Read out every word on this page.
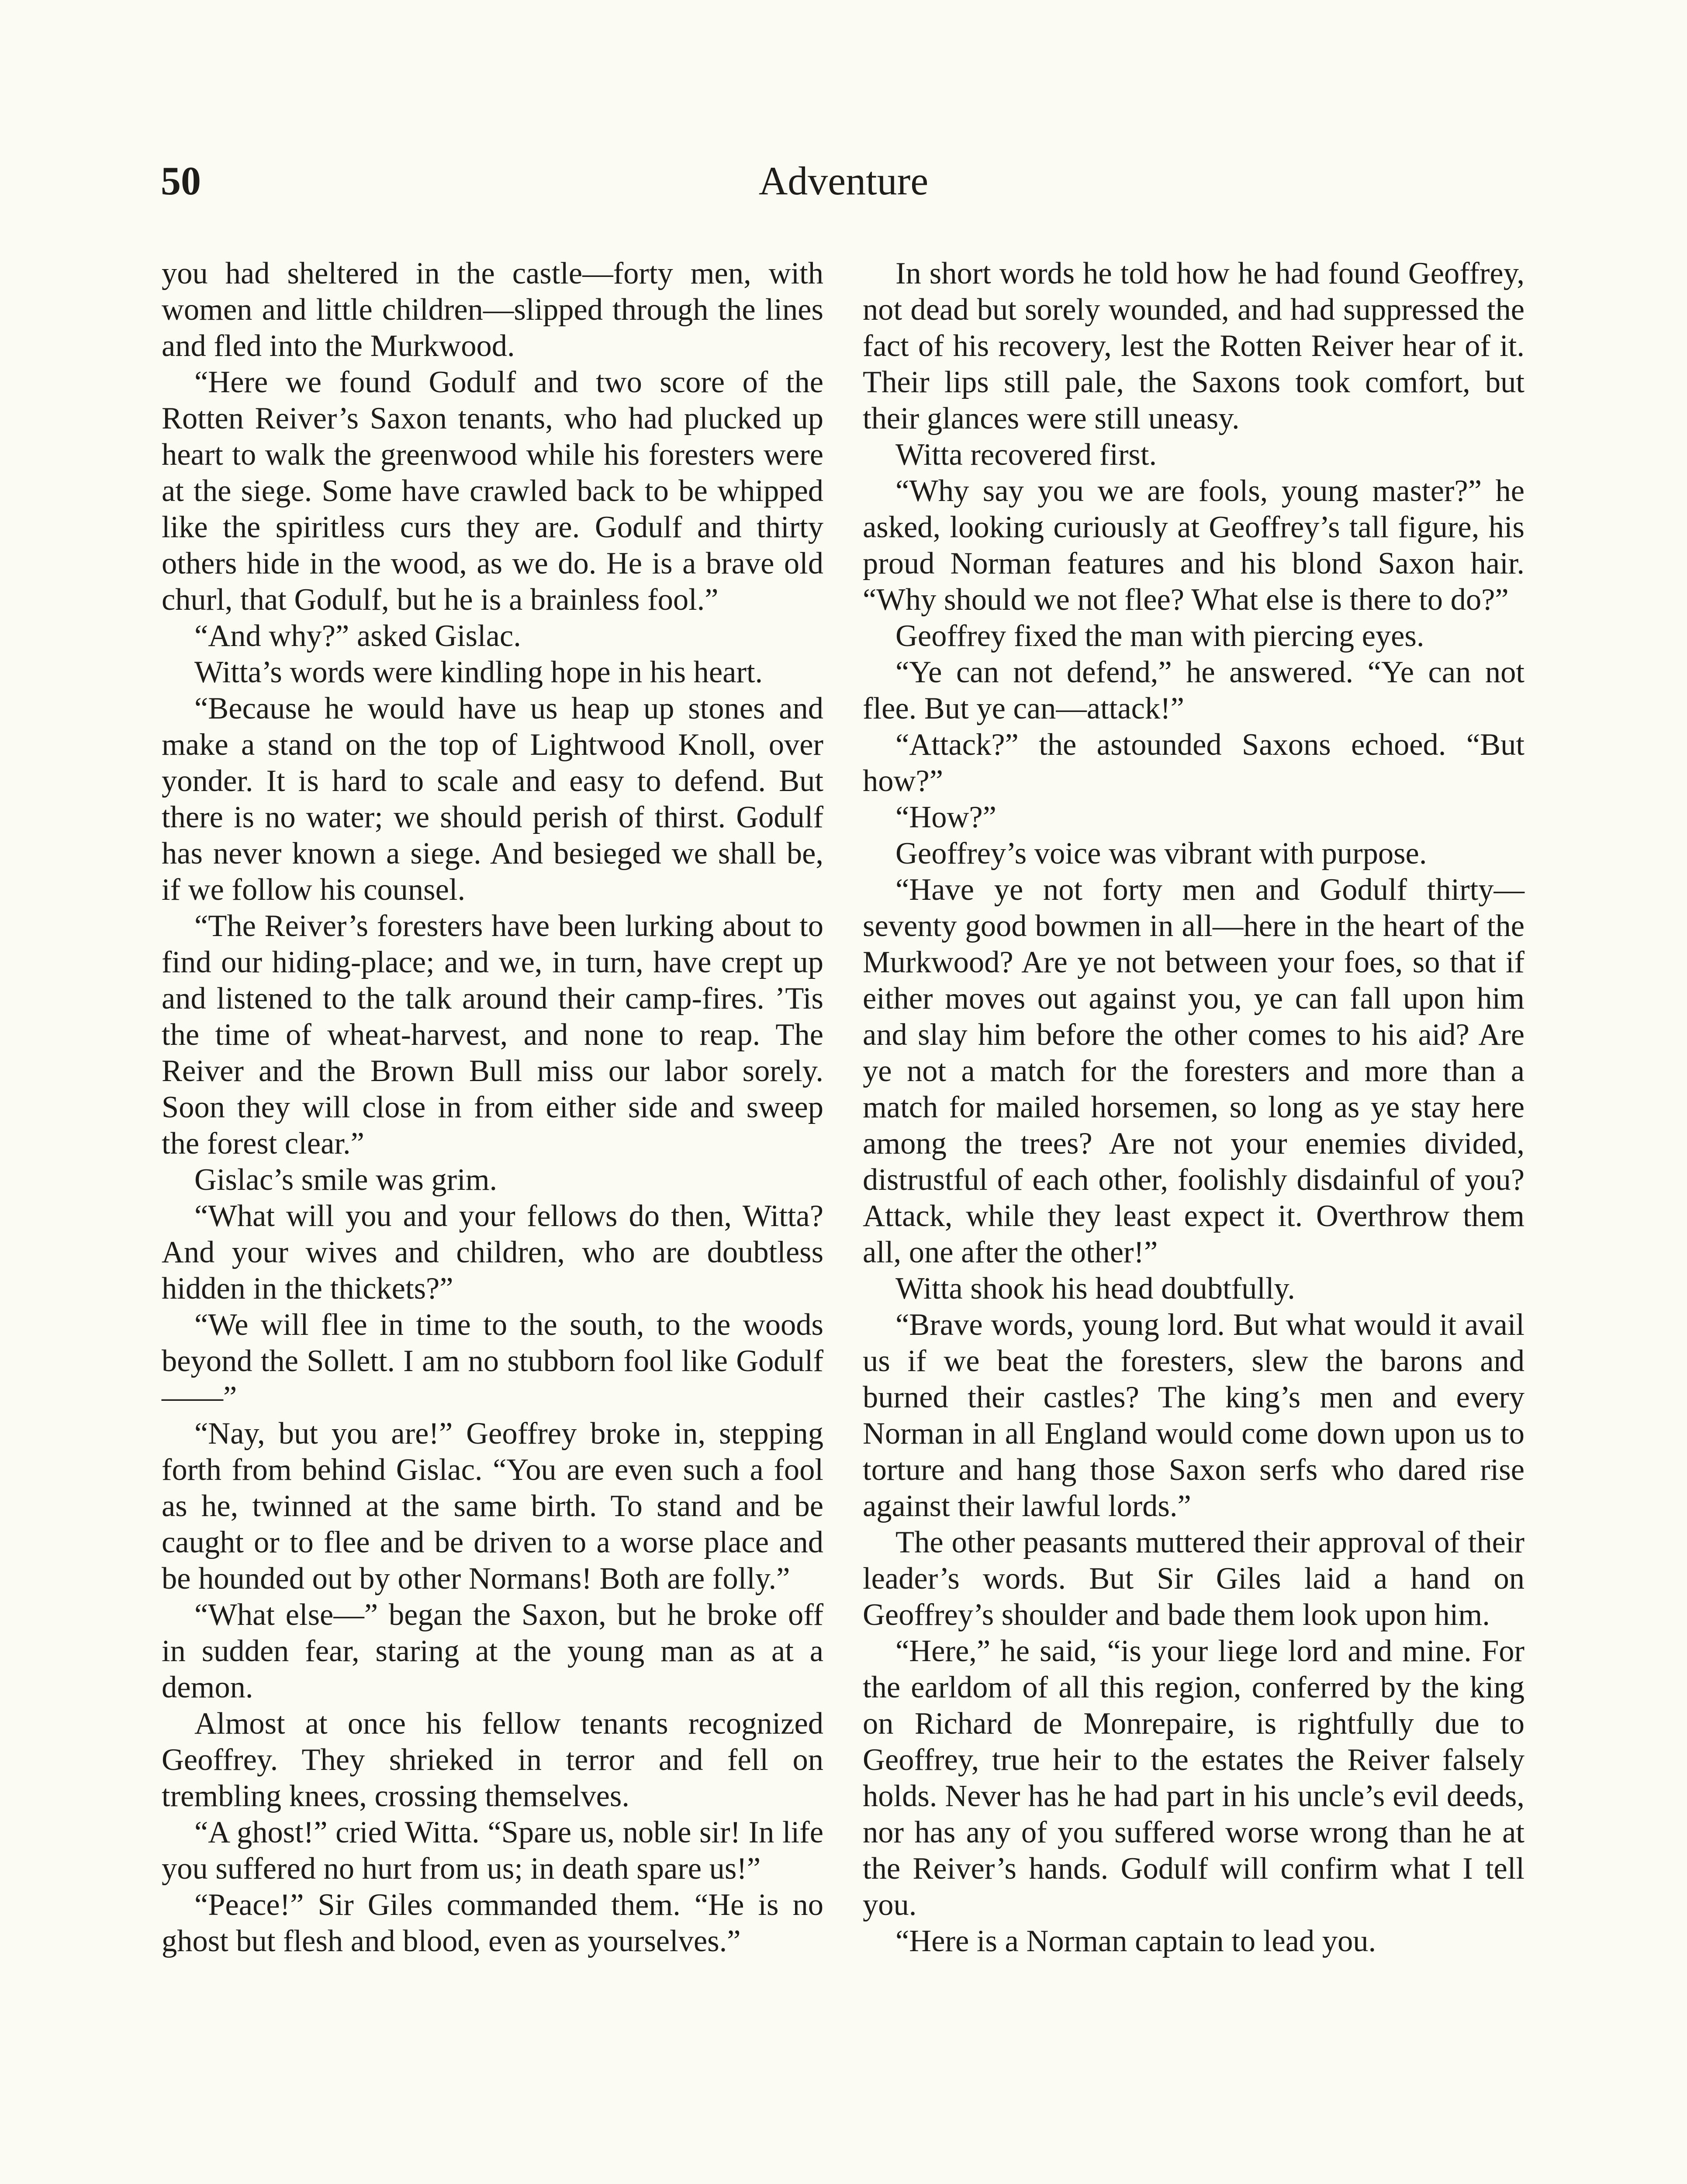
50	Adventure

you had sheltered in the castle—forty men, with women and little children—slipped through the lines and fled into the Murkwood.

“Here we found Godulf and two score of the Rotten Reiver’s Saxon tenants, who had plucked up heart to walk the greenwood while his foresters were at the siege. Some have crawled back to be whipped like the spiritless curs they are. Godulf and thirty others hide in the wood, as we do. He is a brave old churl, that Godulf, but he is a brainless fool.”

“And why?” asked Gislac.

Witta’s words were kindling hope in his heart.

“Because he would have us heap up stones and make a stand on the top of Lightwood Knoll, over yonder. It is hard to scale and easy to defend. But there is no water; we should perish of thirst. Godulf has never known a siege. And besieged we shall be, if we follow his counsel.

“The Reiver’s foresters have been lurking about to find our hiding-place; and we, in turn, have crept up and listened to the talk around their camp-fires. ’Tis the time of wheat-harvest, and none to reap. The Reiver and the Brown Bull miss our labor sorely. Soon they will close in from either side and sweep the forest clear.”

Gislac’s smile was grim.

“What will you and your fellows do then, Witta? And your wives and children, who are doubtless hidden in the thickets?”

“We will flee in time to the south, to the woods beyond the Sollett. I am no stubborn fool like Godulf——”

“Nay, but you are!” Geoffrey broke in, stepping forth from behind Gislac. “You are even such a fool as he, twinned at the same birth. To stand and be caught or to flee and be driven to a worse place and be hounded out by other Normans! Both are folly.”

“What else—” began the Saxon, but he broke off in sudden fear, staring at the young man as at a demon.

Almost at once his fellow tenants recognized Geoffrey. They shrieked in terror and fell on trembling knees, crossing themselves.

“A ghost!” cried Witta. “Spare us, noble sir! In life you suffered no hurt from us; in death spare us!”

“Peace!” Sir Giles commanded them. “He is no ghost but flesh and blood, even as yourselves.”

In short words he told how he had found Geoffrey, not dead but sorely wounded, and had suppressed the fact of his recovery, lest the Rotten Reiver hear of it. Their lips still pale, the Saxons took comfort, but their glances were still uneasy.

Witta recovered first.

“Why say you we are fools, young master?” he asked, looking curiously at Geoffrey’s tall figure, his proud Norman features and his blond Saxon hair. “Why should we not flee? What else is there to do?”

Geoffrey fixed the man with piercing eyes.

“Ye can not defend,” he answered. “Ye can not flee. But ye can—attack!”

“Attack?” the astounded Saxons echoed. “But how?”

“How?”

Geoffrey’s voice was vibrant with purpose.

“Have ye not forty men and Godulf thirty—seventy good bowmen in all—here in the heart of the Murkwood? Are ye not between your foes, so that if either moves out against you, ye can fall upon him and slay him before the other comes to his aid? Are ye not a match for the foresters and more than a match for mailed horsemen, so long as ye stay here among the trees? Are not your enemies divided, distrustful of each other, foolishly disdainful of you? Attack, while they least expect it. Overthrow them all, one after the other!”

Witta shook his head doubtfully.

“Brave words, young lord. But what would it avail us if we beat the foresters, slew the barons and burned their castles? The king’s men and every Norman in all England would come down upon us to torture and hang those Saxon serfs who dared rise against their lawful lords.”

The other peasants muttered their approval of their leader’s words. But Sir Giles laid a hand on Geoffrey’s shoulder and bade them look upon him.

“Here,” he said, “is your liege lord and mine. For the earldom of all this region, conferred by the king on Richard de Monrepaire, is rightfully due to Geoffrey, true heir to the estates the Reiver falsely holds. Never has he had part in his uncle’s evil deeds, nor has any of you suffered worse wrong than he at the Reiver’s hands. Godulf will confirm what I tell you.

“Here is a Norman captain to lead you.
